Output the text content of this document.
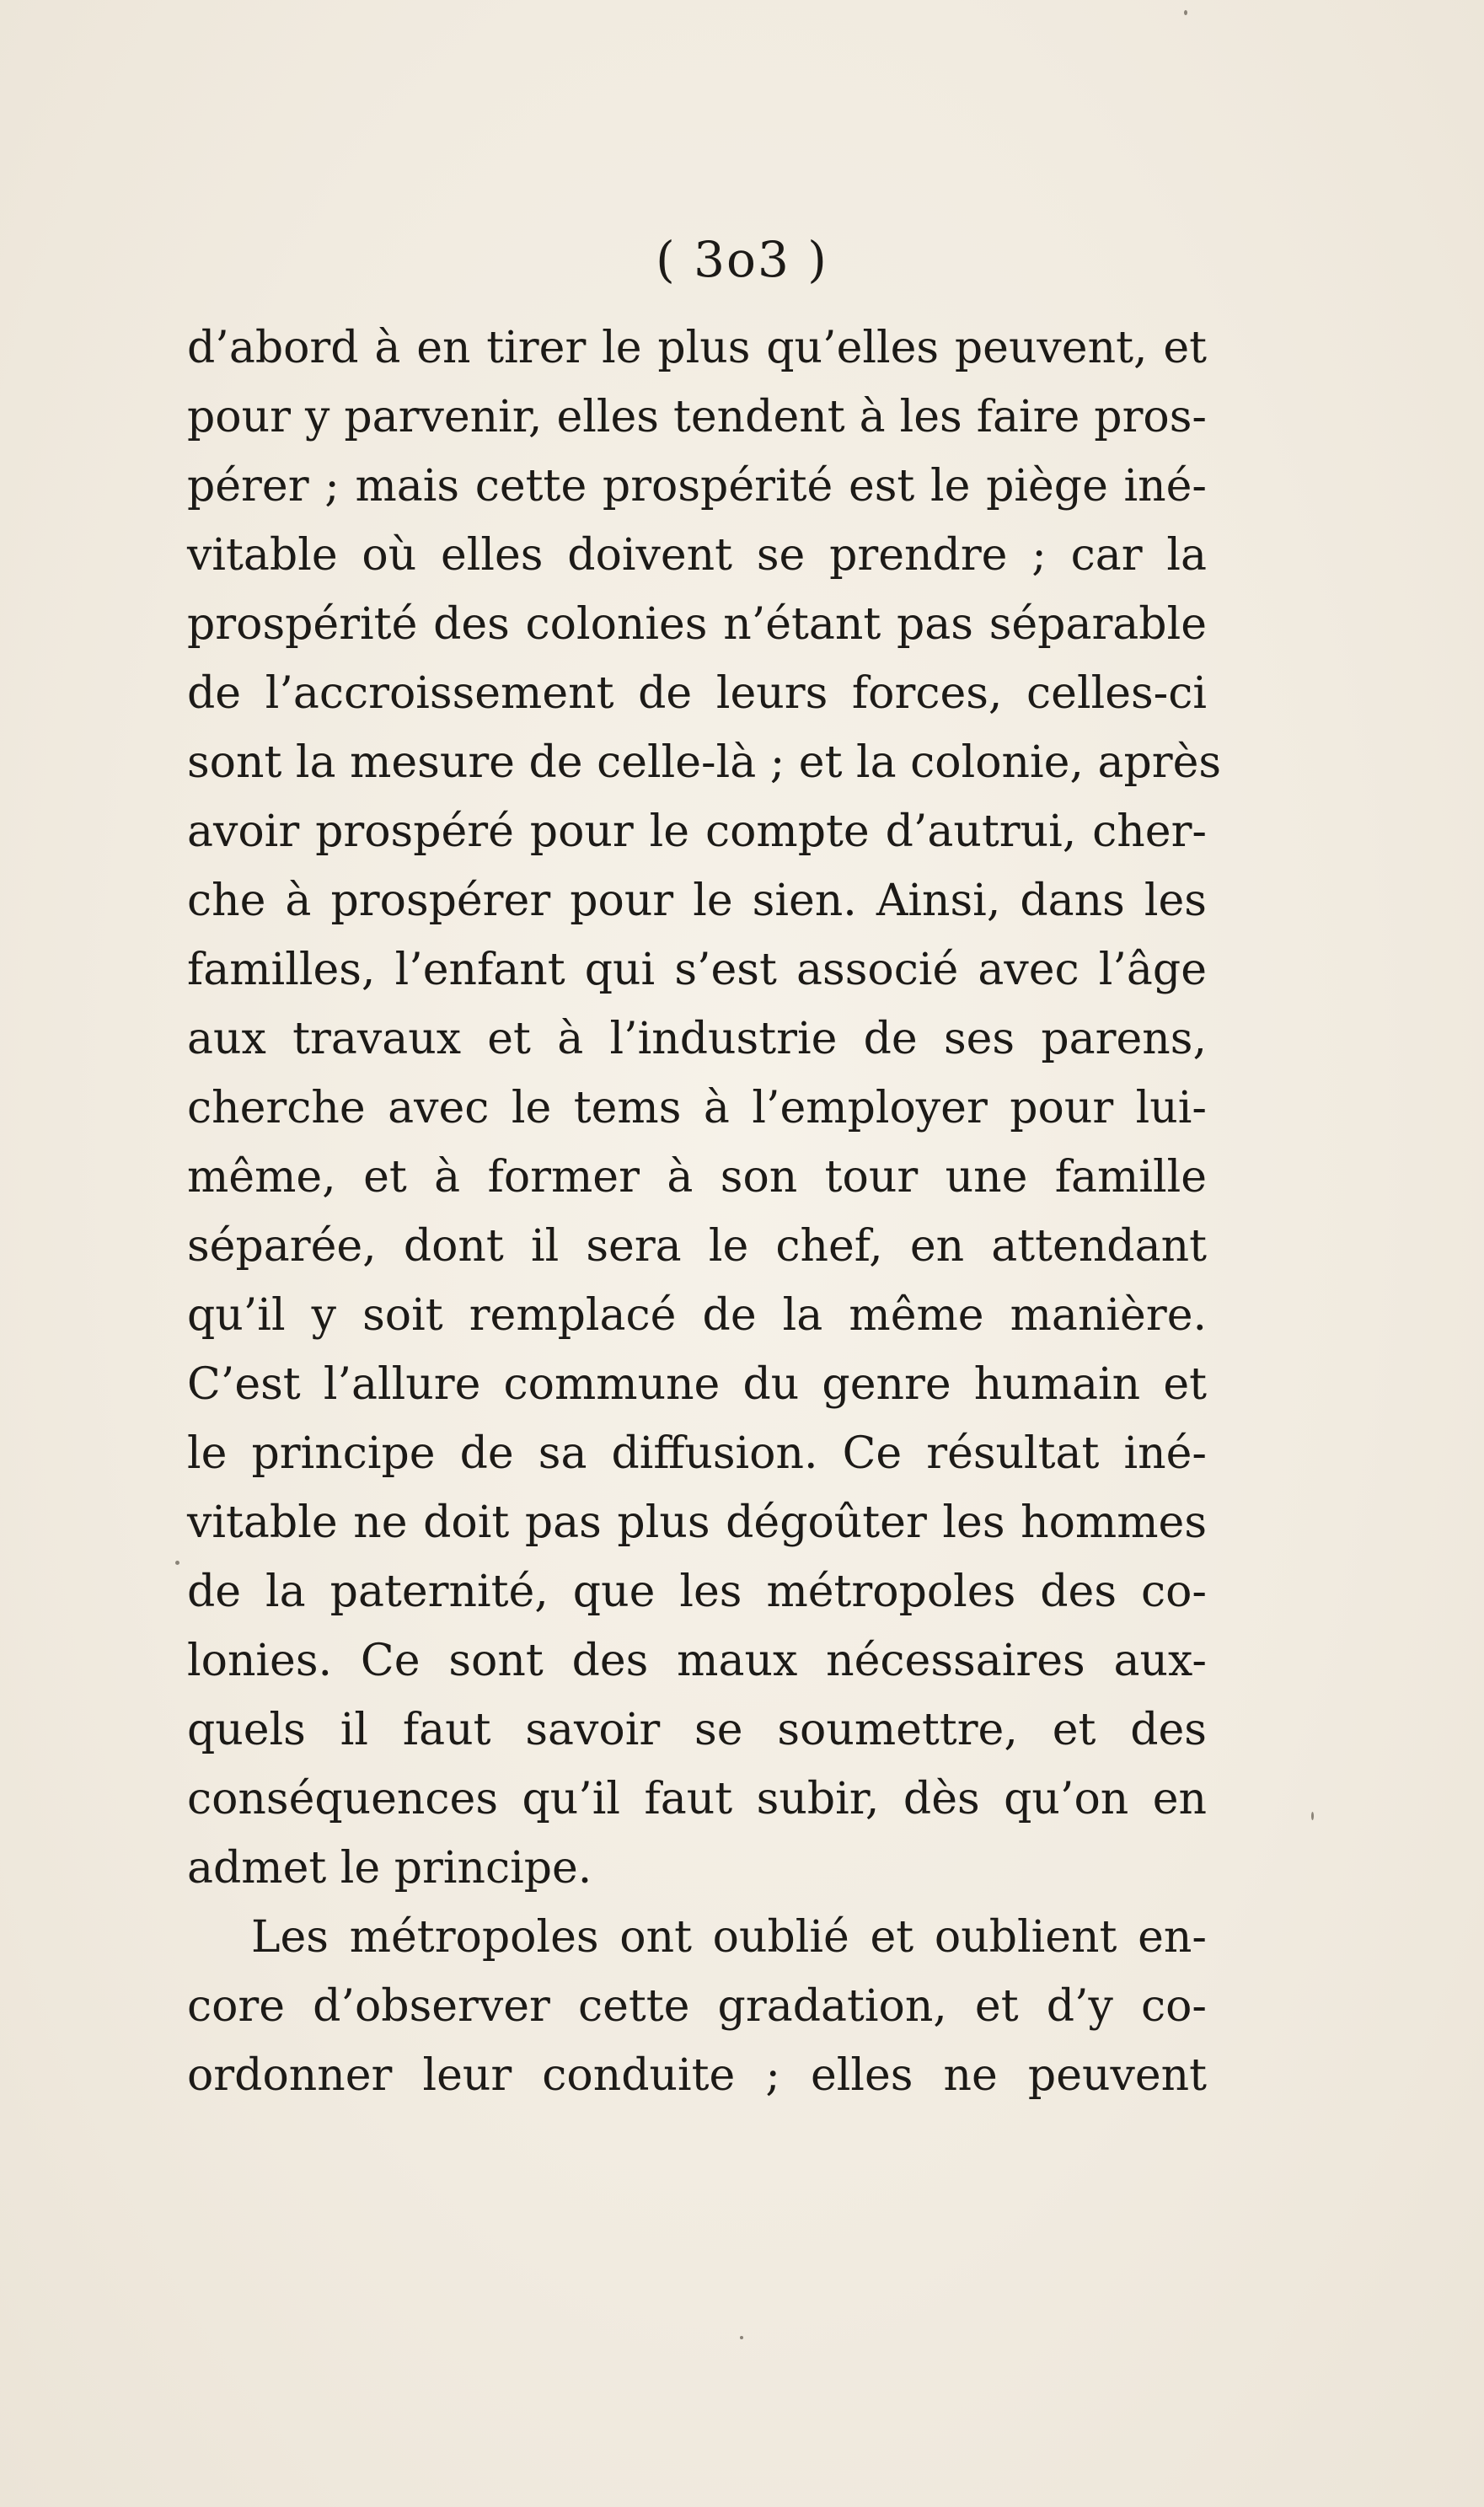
( 3o3 )
d’abord à en tirer le plus qu’elles peuvent, et
pour y parvenir, elles tendent à les faire pros-
pérer ; mais cette prospérité est le piège iné-
vitable où elles doivent se prendre ; car la
prospérité des colonies n’étant pas séparable
de l’accroissement de leurs forces, celles-ci
sont la mesure de celle-là ; et la colonie, après
avoir prospéré pour le compte d’autrui, cher-
che à prospérer pour le sien. Ainsi, dans les
familles, l’enfant qui s’est associé avec l’âge
aux travaux et à l’industrie de ses parens,
cherche avec le tems à l’employer pour lui-
même, et à former à son tour une famille
séparée, dont il sera le chef, en attendant
qu’il y soit remplacé de la même manière.
C’est l’allure commune du genre humain et
le principe de sa diffusion. Ce résultat iné-
vitable ne doit pas plus dégoûter les hommes
de la paternité, que les métropoles des co-
lonies. Ce sont des maux nécessaires aux-
quels il faut savoir se soumettre, et des
conséquences qu’il faut subir, dès qu’on en
admet le principe.
Les métropoles ont oublié et oublient en-
core d’observer cette gradation, et d’y co-
ordonner leur conduite ; elles ne peuvent
